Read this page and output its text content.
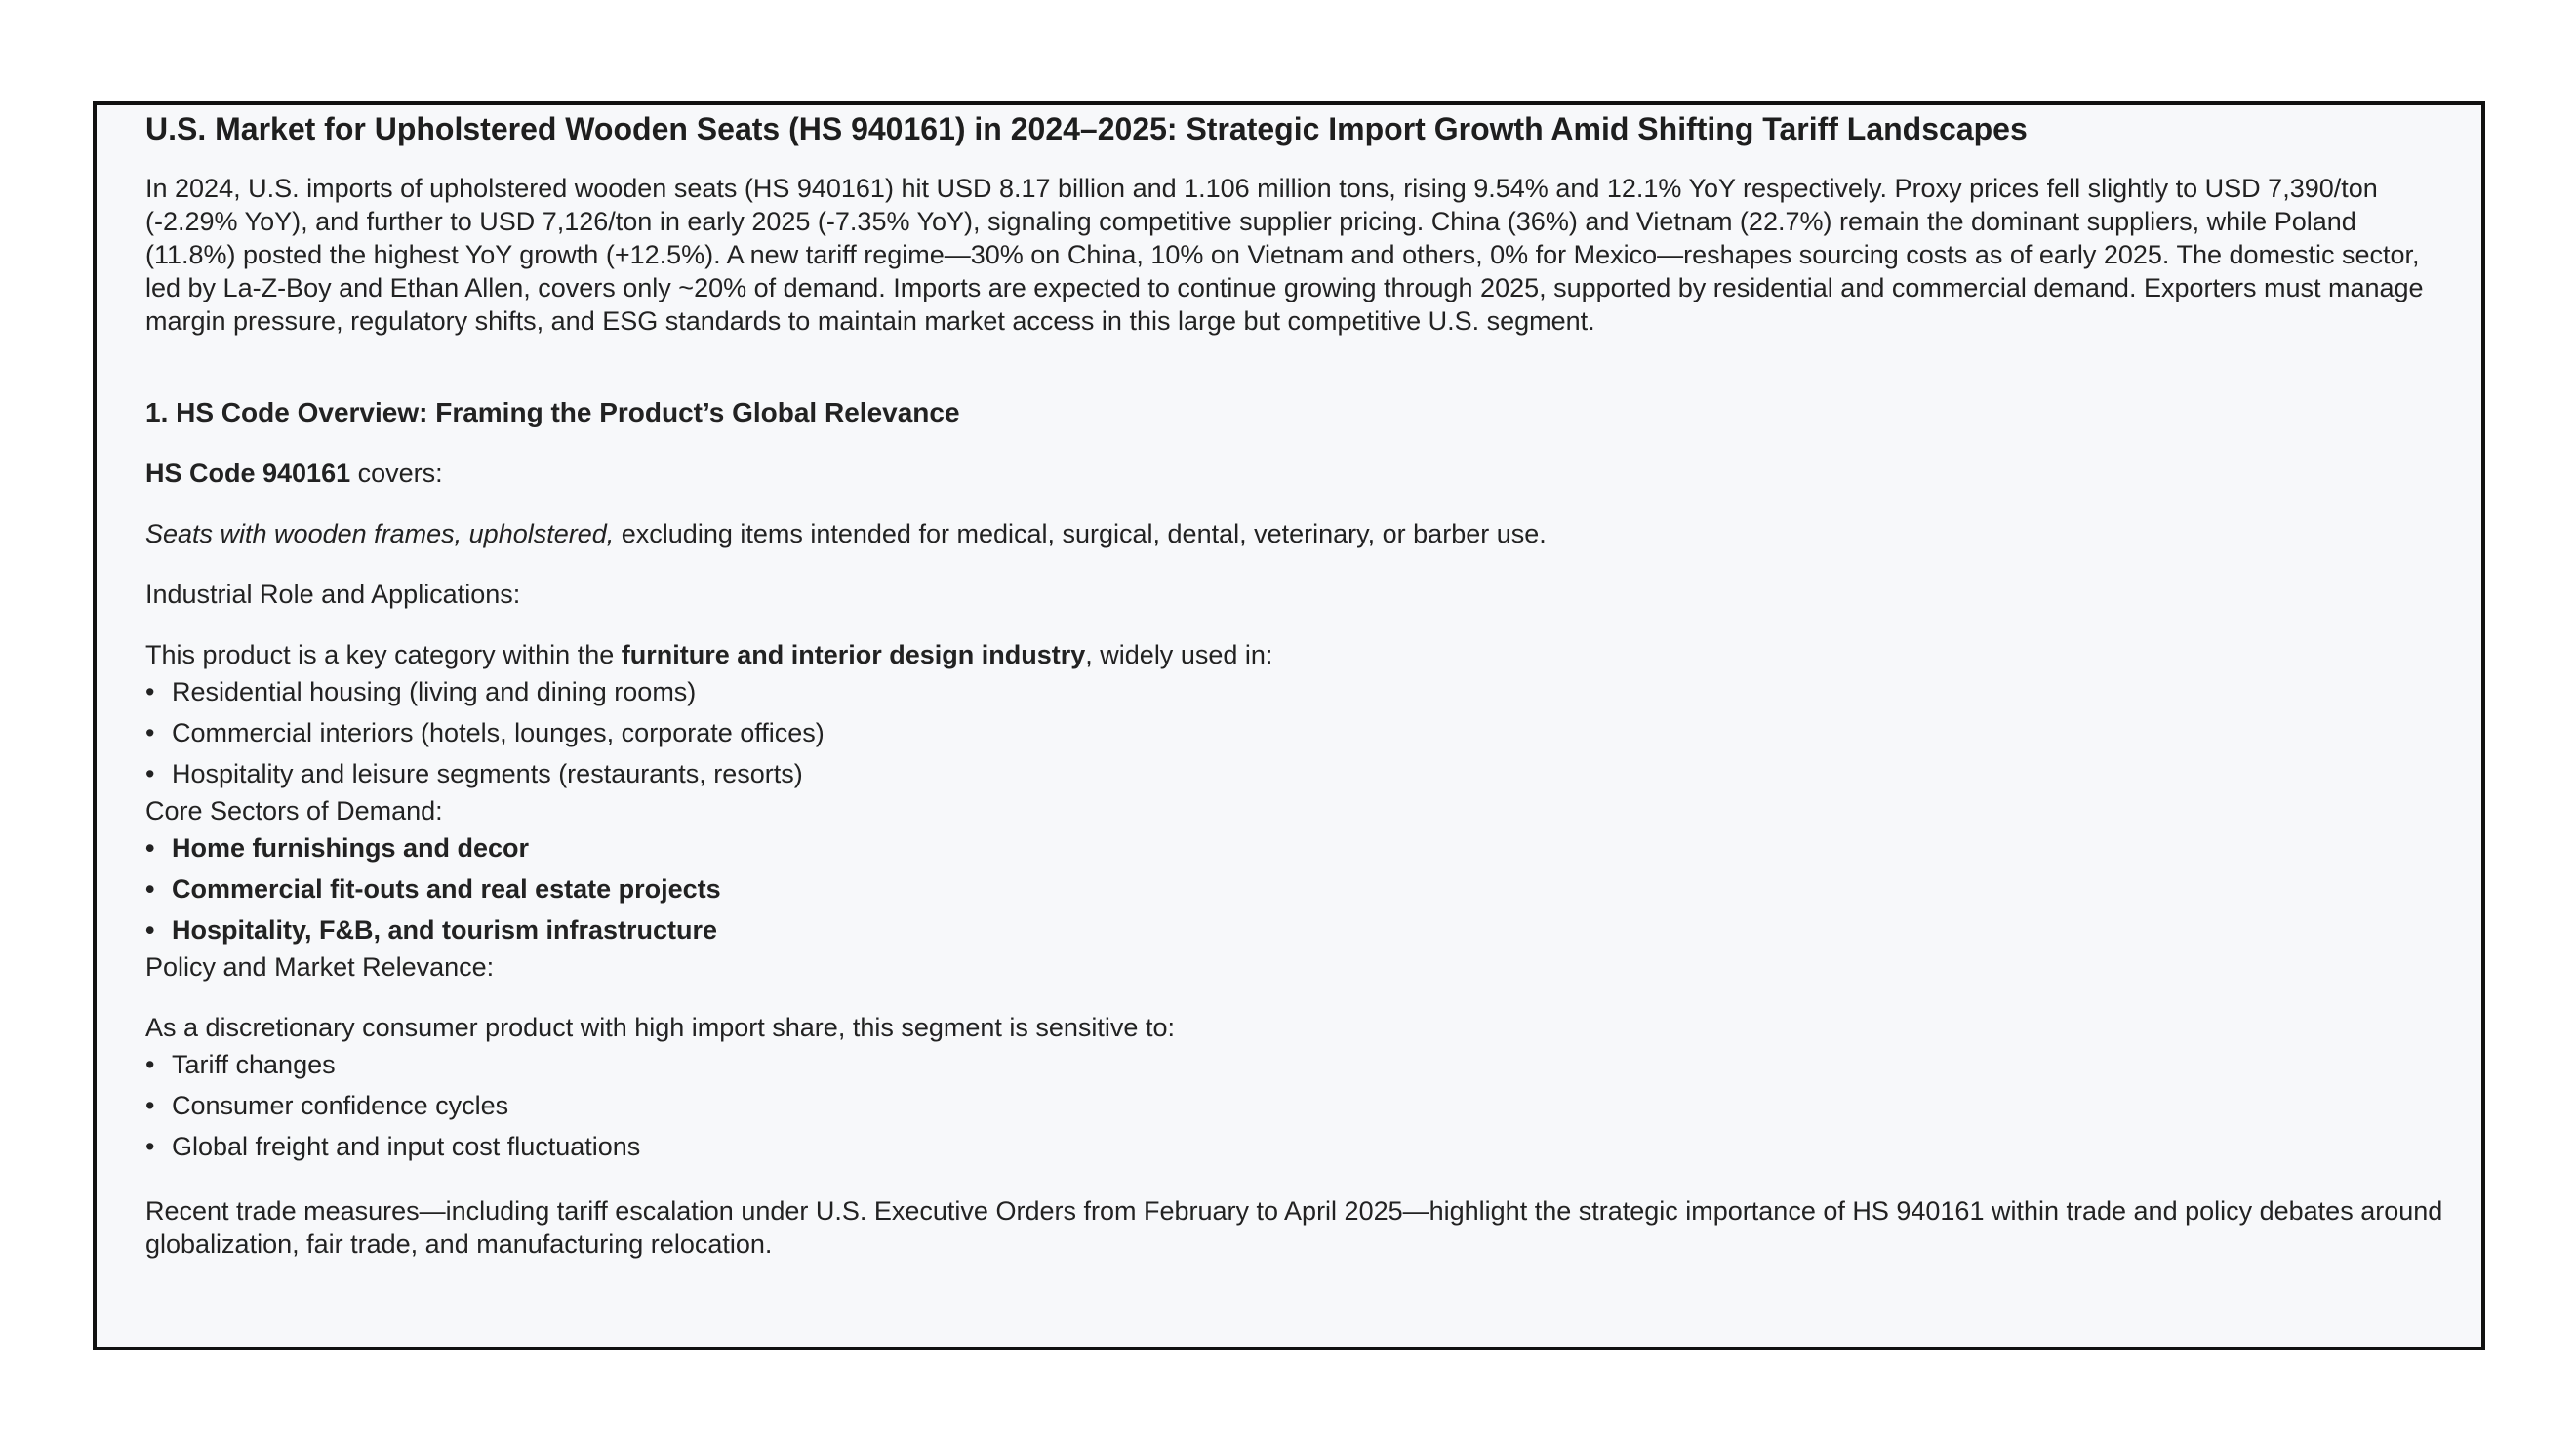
U.S. Market for Upholstered Wooden Seats (HS 940161) in 2024–2025: Strategic Import Growth Amid Shifting Tariff Landscapes

In 2024, U.S. imports of upholstered wooden seats (HS 940161) hit USD 8.17 billion and 1.106 million tons, rising 9.54% and 12.1% YoY respectively. Proxy prices fell slightly to USD 7,390/ton (-2.29% YoY), and further to USD 7,126/ton in early 2025 (-7.35% YoY), signaling competitive supplier pricing. China (36%) and Vietnam (22.7%) remain the dominant suppliers, while Poland (11.8%) posted the highest YoY growth (+12.5%). A new tariff regime—30% on China, 10% on Vietnam and others, 0% for Mexico—reshapes sourcing costs as of early 2025. The domestic sector, led by La-Z-Boy and Ethan Allen, covers only ~20% of demand. Imports are expected to continue growing through 2025, supported by residential and commercial demand. Exporters must manage margin pressure, regulatory shifts, and ESG standards to maintain market access in this large but competitive U.S. segment.

1. HS Code Overview: Framing the Product’s Global Relevance

HS Code 940161 covers:

Seats with wooden frames, upholstered, excluding items intended for medical, surgical, dental, veterinary, or barber use.

Industrial Role and Applications:

This product is a key category within the furniture and interior design industry, widely used in:

• Residential housing (living and dining rooms)
• Commercial interiors (hotels, lounges, corporate offices)
• Hospitality and leisure segments (restaurants, resorts)

Core Sectors of Demand:

• Home furnishings and decor
• Commercial fit-outs and real estate projects
• Hospitality, F&B, and tourism infrastructure

Policy and Market Relevance:

As a discretionary consumer product with high import share, this segment is sensitive to:

• Tariff changes
• Consumer confidence cycles
• Global freight and input cost fluctuations

Recent trade measures—including tariff escalation under U.S. Executive Orders from February to April 2025—highlight the strategic importance of HS 940161 within trade and policy debates around globalization, fair trade, and manufacturing relocation.
